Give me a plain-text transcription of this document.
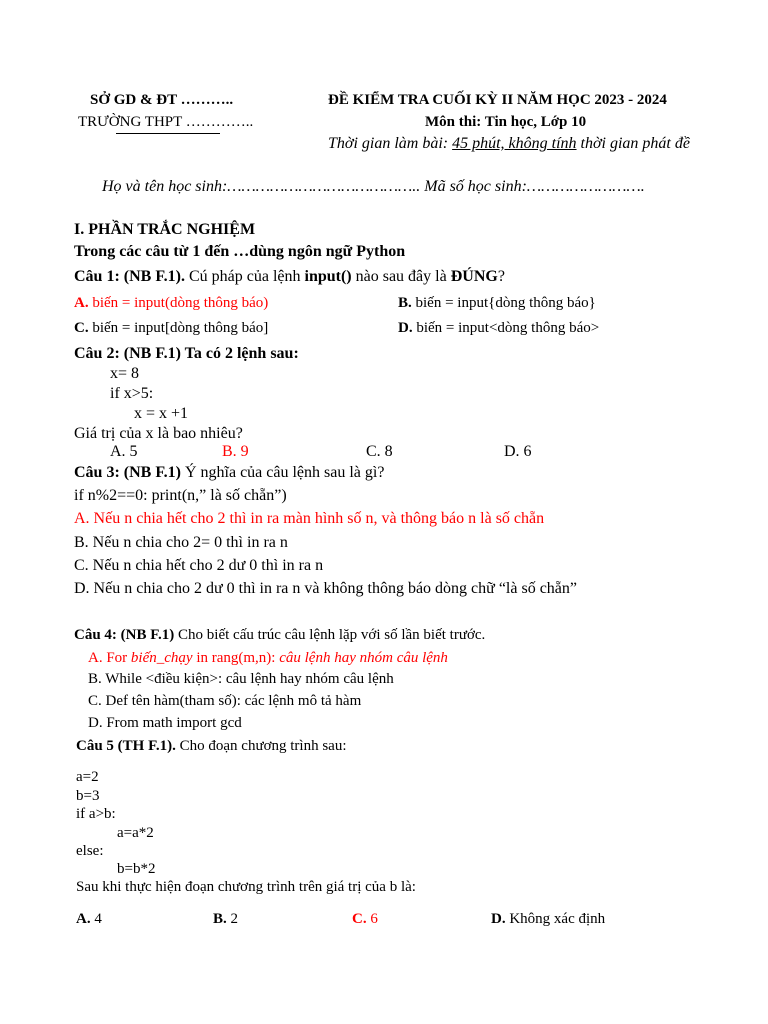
SỞ GD & ĐT ………..
TRƯỜNG THPT …………..
ĐỀ KIỂM TRA CUỐI KỲ II NĂM HỌC 2023 - 2024
Môn thi: Tin học, Lớp 10
Thời gian làm bài: 45 phút, không tính thời gian phát đề
Họ và tên học sinh:………………………………….. Mã số học sinh:…………………….
I. PHẦN TRẮC NGHIỆM
Trong các câu từ 1 đến …dùng ngôn ngữ Python
Câu 1: (NB F.1). Cú pháp của lệnh input() nào sau đây là ĐÚNG?
A. biến = input(dòng thông báo)	B. biến = input{dòng thông báo}
C. biến = input[dòng thông báo]	D. biến = input<dòng thông báo>
Câu 2: (NB F.1) Ta có 2 lệnh sau:
x= 8
if x>5:
x = x +1
Giá trị của x là bao nhiêu?
A. 5	B. 9	C. 8	D. 6
Câu 3: (NB F.1) Ý nghĩa của câu lệnh sau là gì?
if n%2==0: print(n,” là số chẵn”)
A. Nếu n chia hết cho 2 thì in ra màn hình số n, và thông báo n là số chẵn
B. Nếu n chia cho 2= 0 thì in ra n
C. Nếu n chia hết cho 2 dư 0 thì in ra n
D. Nếu n chia cho 2 dư 0 thì in ra n và không thông báo dòng chữ “là số chẵn”
Câu 4: (NB F.1) Cho biết cấu trúc câu lệnh lặp với số lần biết trước.
A. For biến_chạy in rang(m,n): câu lệnh hay nhóm câu lệnh
B. While <điều kiện>: câu lệnh hay nhóm câu lệnh
C. Def tên hàm(tham số): các lệnh mô tả hàm
D. From math import gcd
Câu 5 (TH F.1). Cho đoạn chương trình sau:
a=2
b=3
if a>b:
a=a*2
else:
b=b*2
Sau khi thực hiện đoạn chương trình trên giá trị của b là:
A. 4	B. 2	C. 6	D. Không xác định
